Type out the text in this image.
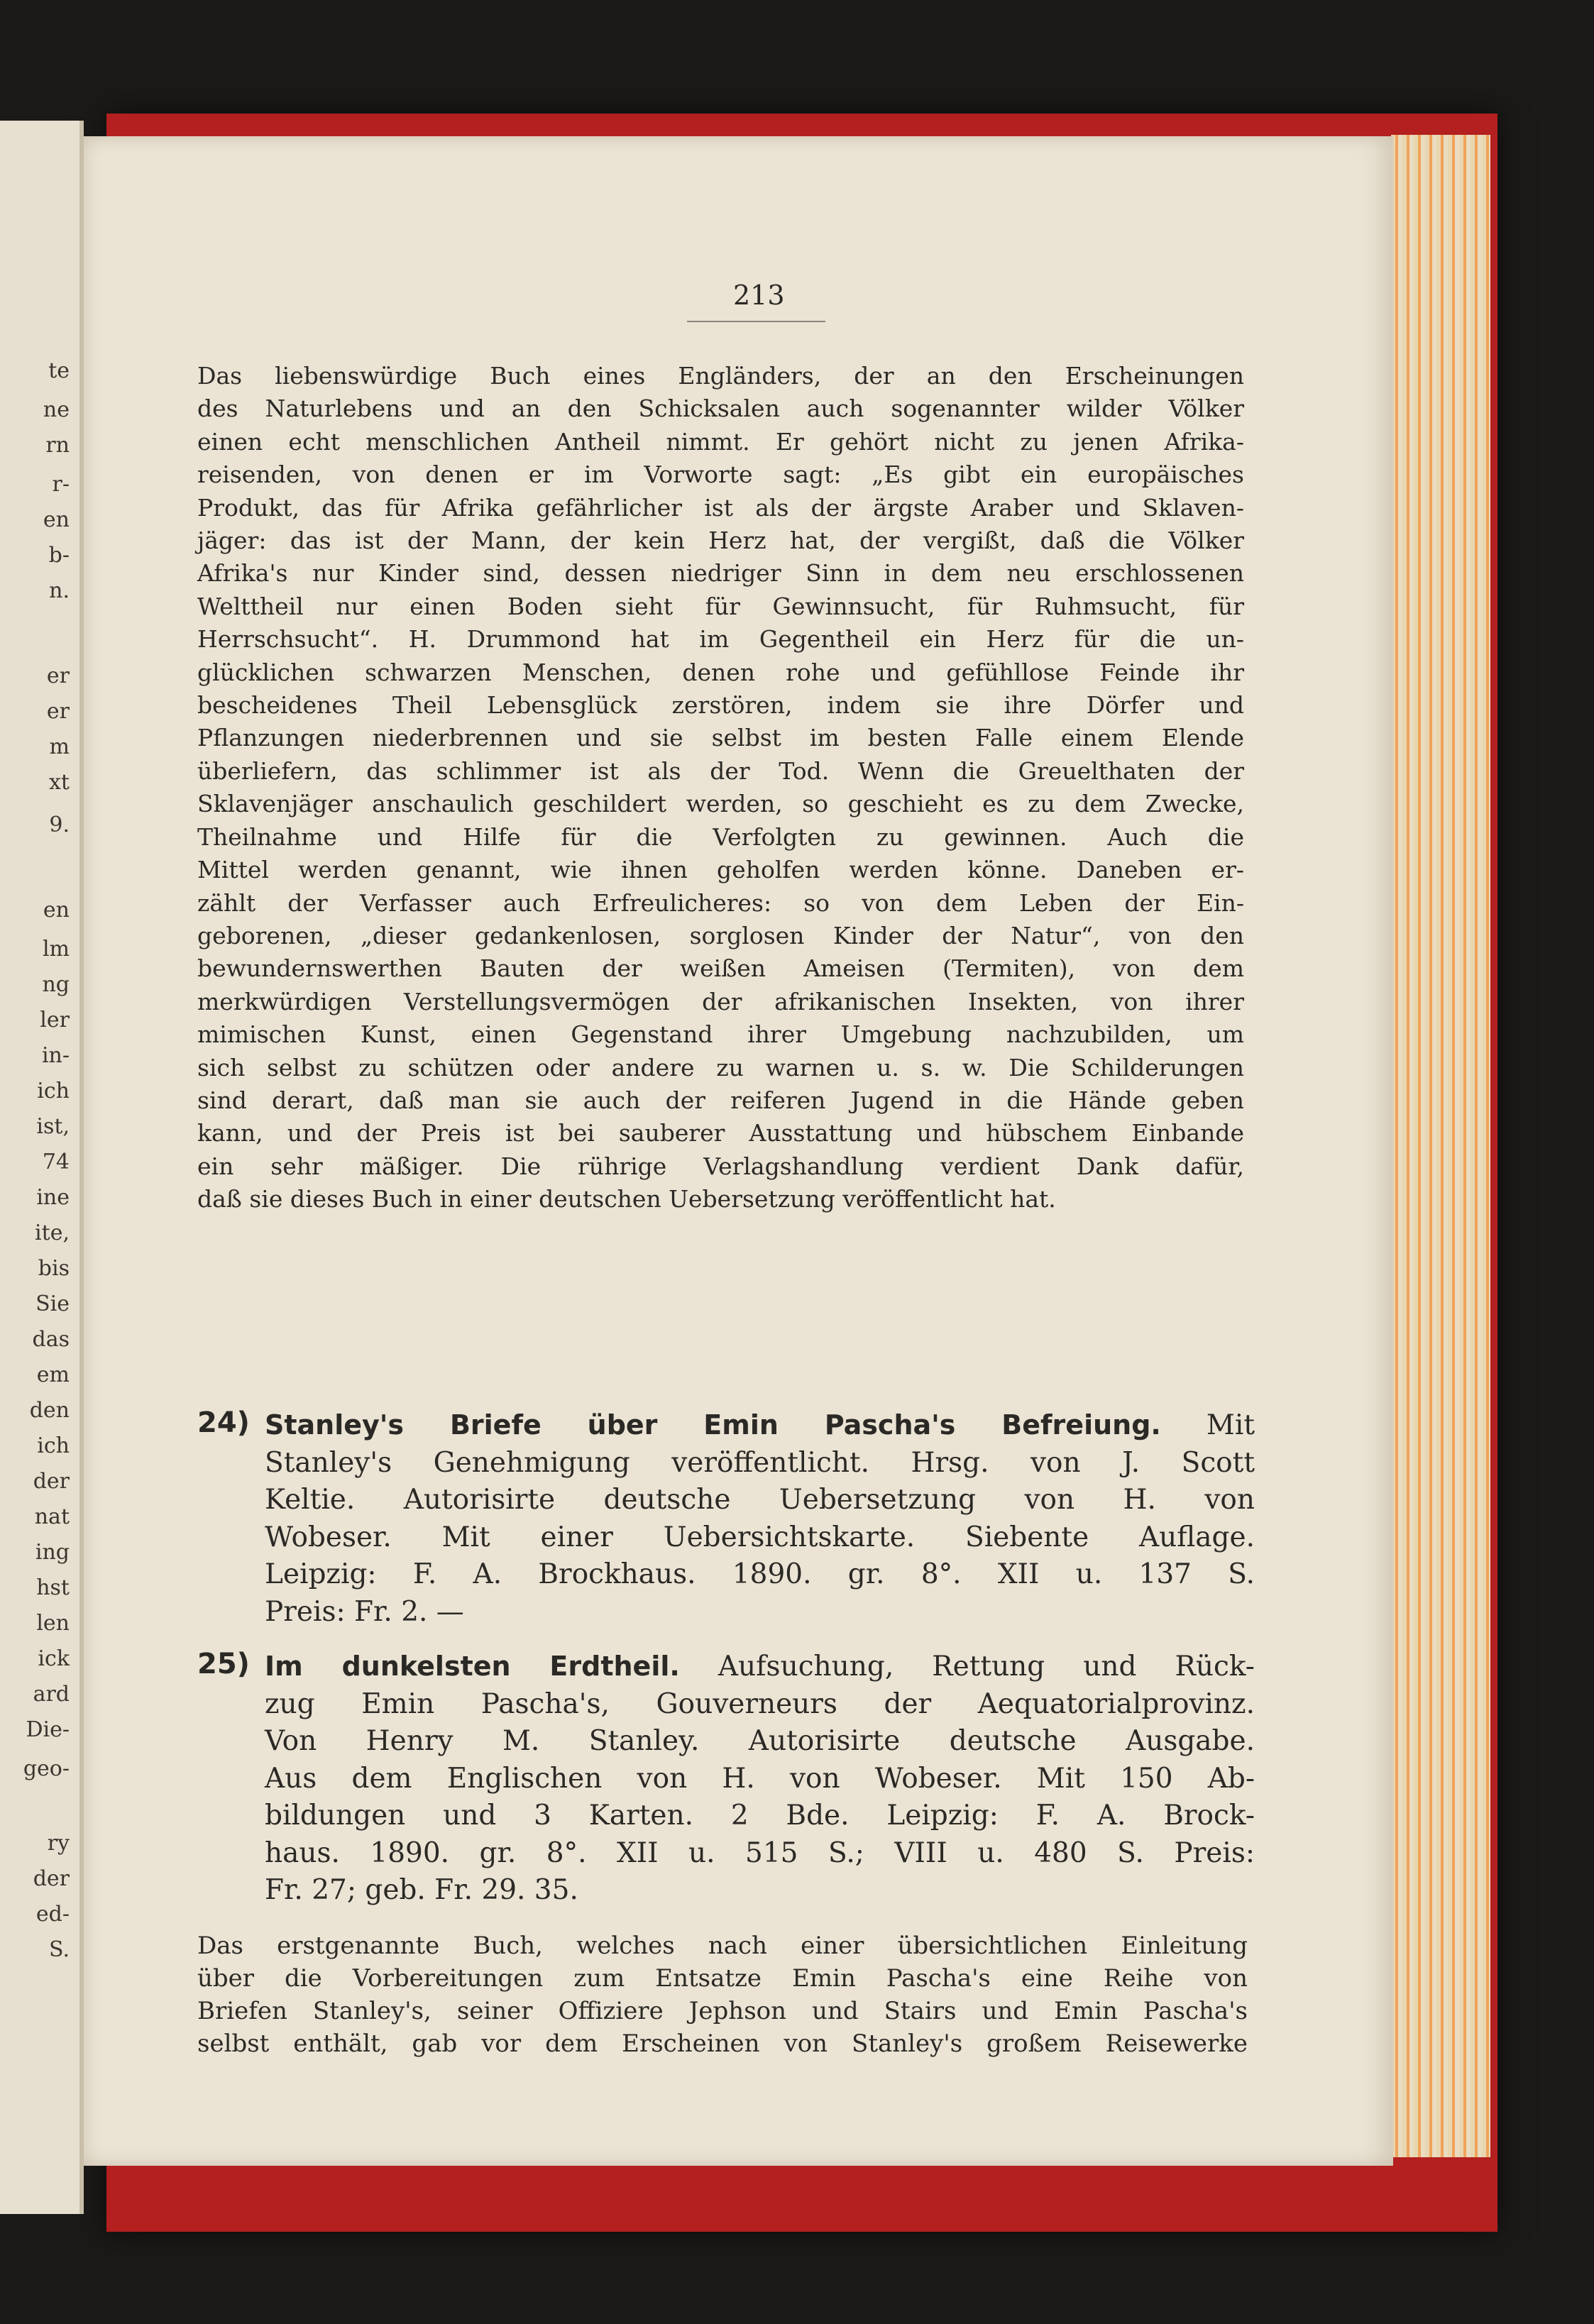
te
ne
rn
r-
en
b-
n.
er
er
m
xt
9.
en
lm
ng
ler
in-
ich
ist,
74
ine
ite,
bis
Sie
das
em
den
ich
der
nat
ing
hst
len
ick
ard
Die-
geo-
ry
der
ed-
S.
213

Das liebenswürdige Buch eines Engländers, der an den Erscheinungen
des Naturlebens und an den Schicksalen auch sogenannter wilder Völker
einen echt menschlichen Antheil nimmt. Er gehört nicht zu jenen Afrika-
reisenden, von denen er im Vorworte sagt: „Es gibt ein europäisches
Produkt, das für Afrika gefährlicher ist als der ärgste Araber und Sklaven-
jäger: das ist der Mann, der kein Herz hat, der vergißt, daß die Völker
Afrika's nur Kinder sind, dessen niedriger Sinn in dem neu erschlossenen
Welttheil nur einen Boden sieht für Gewinnsucht, für Ruhmsucht, für
Herrschsucht“. H. Drummond hat im Gegentheil ein Herz für die un-
glücklichen schwarzen Menschen, denen rohe und gefühllose Feinde ihr
bescheidenes Theil Lebensglück zerstören, indem sie ihre Dörfer und
Pflanzungen niederbrennen und sie selbst im besten Falle einem Elende
überliefern, das schlimmer ist als der Tod. Wenn die Greuelthaten der
Sklavenjäger anschaulich geschildert werden, so geschieht es zu dem Zwecke,
Theilnahme und Hilfe für die Verfolgten zu gewinnen. Auch die
Mittel werden genannt, wie ihnen geholfen werden könne. Daneben er-
zählt der Verfasser auch Erfreulicheres: so von dem Leben der Ein-
geborenen, „dieser gedankenlosen, sorglosen Kinder der Natur“, von den
bewundernswerthen Bauten der weißen Ameisen (Termiten), von dem
merkwürdigen Verstellungsvermögen der afrikanischen Insekten, von ihrer
mimischen Kunst, einen Gegenstand ihrer Umgebung nachzubilden, um
sich selbst zu schützen oder andere zu warnen u. s. w. Die Schilderungen
sind derart, daß man sie auch der reiferen Jugend in die Hände geben
kann, und der Preis ist bei sauberer Ausstattung und hübschem Einbande
ein sehr mäßiger. Die rührige Verlagshandlung verdient Dank dafür,
daß sie dieses Buch in einer deutschen Uebersetzung veröffentlicht hat.

24) Stanley's Briefe über Emin Pascha's Befreiung. Mit
Stanley's Genehmigung veröffentlicht. Hrsg. von J. Scott
Keltie. Autorisirte deutsche Uebersetzung von H. von
Wobeser. Mit einer Uebersichtskarte. Siebente Auflage.
Leipzig: F. A. Brockhaus. 1890. gr. 8°. XII u. 137 S.
Preis: Fr. 2. —
25) Im dunkelsten Erdtheil. Aufsuchung, Rettung und Rück-
zug Emin Pascha's, Gouverneurs der Aequatorialprovinz.
Von Henry M. Stanley. Autorisirte deutsche Ausgabe.
Aus dem Englischen von H. von Wobeser. Mit 150 Ab-
bildungen und 3 Karten. 2 Bde. Leipzig: F. A. Brock-
haus. 1890. gr. 8°. XII u. 515 S.; VIII u. 480 S. Preis:
Fr. 27; geb. Fr. 29. 35.
Das erstgenannte Buch, welches nach einer übersichtlichen Einleitung
über die Vorbereitungen zum Entsatze Emin Pascha's eine Reihe von
Briefen Stanley's, seiner Offiziere Jephson und Stairs und Emin Pascha's
selbst enthält, gab vor dem Erscheinen von Stanley's großem Reisewerke
